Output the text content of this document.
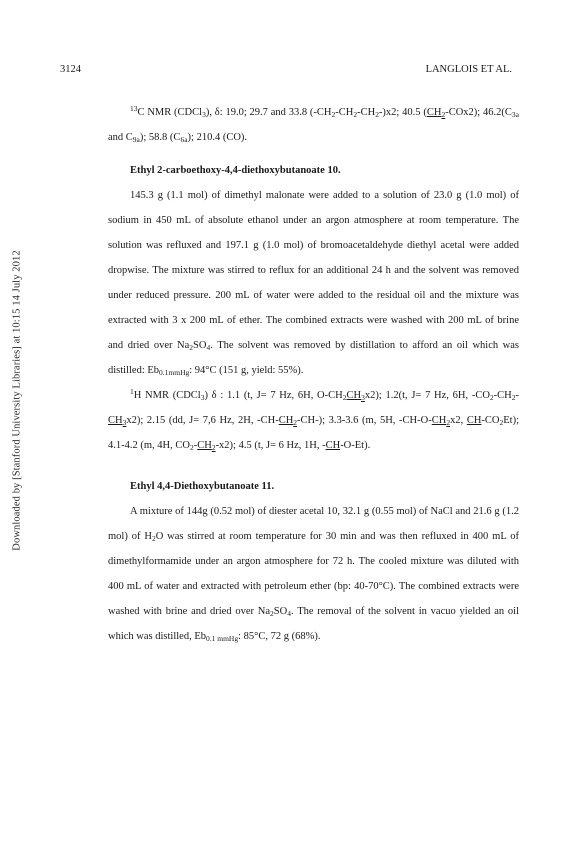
Downloaded by [Stanford University Libraries] at 10:15 14 July 2012
3124	LANGLOIS ET AL.

$^{13}$C NMR (CDCl$_3$), δ: 19.0; 29.7 and 33.8 $(-CH_2-CH_2-CH_2-)x2$; 40.5 $(CH_2-COx2)$; $46.2(C_{3a}$ and $C_{9a}$); 58.8 $(C_{6a})$; 210.4 (CO).

Ethyl 2-carboethoxy-4,4-diethoxybutanoate 10.

145.3 g (1.1 mol) of dimethyl malonate were added to a solution of 23.0 g (1.0 mol) of sodium in 450 mL of absolute ethanol under an argon atmosphere at room temperature. The solution was refluxed and 197.1 g (1.0 mol) of bromoacetaldehyde diethyl acetal were added dropwise. The mixture was stirred to reflux for an additional 24 h and the solvent was removed under reduced pressure. 200 mL of water were added to the residual oil and the mixture was extracted with 3 x 200 mL of ether. The combined extracts were washed with 200 mL of brine and dried over $Na_2SO_4$. The solvent was removed by distillation to afford an oil which was distilled: $Eb_{0.1mmHg}$: 94°C (151 g, yield: 55%).

$^1$H NMR (CDCl$_3$) δ : 1.1 (t, J= 7 Hz, 6H, $O-CH_2CH_3x2$); 1.2(t, J= 7 Hz, 6H, $-CO_2-CH_2-CH_3x2$); 2.15 (dd, J= 7,6 Hz, 2H, $-CH-CH_2-CH-$); 3.3-3.6 (m, 5H, $-CH-O-CH_2x2$, $CH-CO_2Et$); 4.1-4.2 (m, 4H, $CO_2-CH_2-x2$); 4.5 (t, J= 6 Hz, 1H, -CH-O-Et).

Ethyl 4,4-Diethoxybutanoate 11.

A mixture of 144g (0.52 mol) of diester acetal 10, 32.1 g (0.55 mol) of NaCl and 21.6 g (1.2 mol) of $H_2O$ was stirred at room temperature for 30 min and was then refluxed in 400 mL of dimethylformamide under an argon atmosphere for 72 h. The cooled mixture was diluted with 400 mL of water and extracted with petroleum ether (bp: 40-70°C). The combined extracts were washed with brine and dried over $Na_2SO_4$. The removal of the solvent in vacuo yielded an oil which was distilled, $Eb_{0.1 mmHg}$: 85°C, 72 g (68%).
